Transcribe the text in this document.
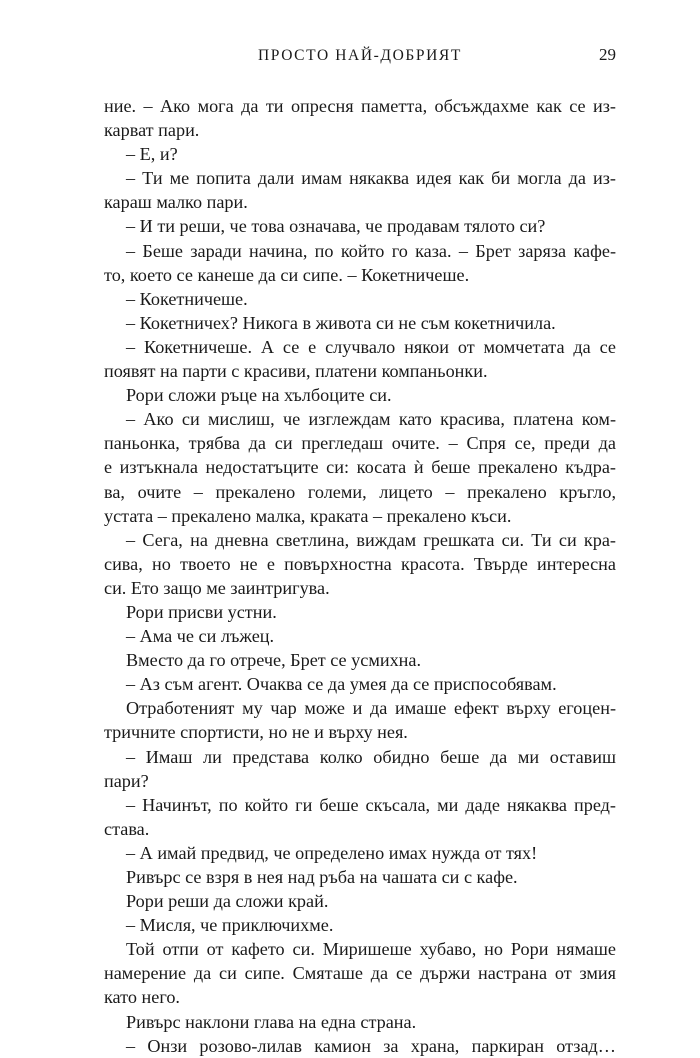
ПРОСТО НАЙ-ДОБРИЯТ	29
ние. – Ако мога да ти опресня паметта, обсъждахме как се из-
карват пари.
– Е, и?
– Ти ме попита дали имам някаква идея как би могла да из-
караш малко пари.
– И ти реши, че това означава, че продавам тялото си?
– Беше заради начина, по който го каза. – Брет заряза кафе-
то, което се канеше да си сипе. – Кокетничеше.
– Кокетничеше.
– Кокетничех? Никога в живота си не съм кокетничила.
– Кокетничеше. А се е случвало някои от момчетата да се
появят на парти с красиви, платени компаньонки.
Рори сложи ръце на хълбоците си.
– Ако си мислиш, че изглеждам като красива, платена ком-
паньонка, трябва да си прегледаш очите. – Спря се, преди да
е изтъкнала недостатъците си: косата ѝ беше прекалено къдра-
ва, очите – прекалено големи, лицето – прекалено кръгло,
устата – прекалено малка, краката – прекалено къси.
– Сега, на дневна светлина, виждам грешката си. Ти си кра-
сива, но твоето не е повърхностна красота. Твърде интересна
си. Ето защо ме заинтригува.
Рори присви устни.
– Ама че си лъжец.
Вместо да го отрече, Брет се усмихна.
– Аз съм агент. Очаква се да умея да се приспособявам.
Отработеният му чар може и да имаше ефект върху егоцен-
тричните спортисти, но не и върху нея.
– Имаш ли представа колко обидно беше да ми оставиш
пари?
– Начинът, по който ги беше скъсала, ми даде някаква пред-
става.
– А имай предвид, че определено имах нужда от тях!
Ривърс се взря в нея над ръба на чашата си с кафе.
Рори реши да сложи край.
– Мисля, че приключихме.
Той отпи от кафето си. Миришеше хубаво, но Рори нямаше
намерение да си сипе. Смяташе да се държи настрана от змия
като него.
Ривърс наклони глава на една страна.
– Онзи розово-лилав камион за храна, паркиран отзад…
